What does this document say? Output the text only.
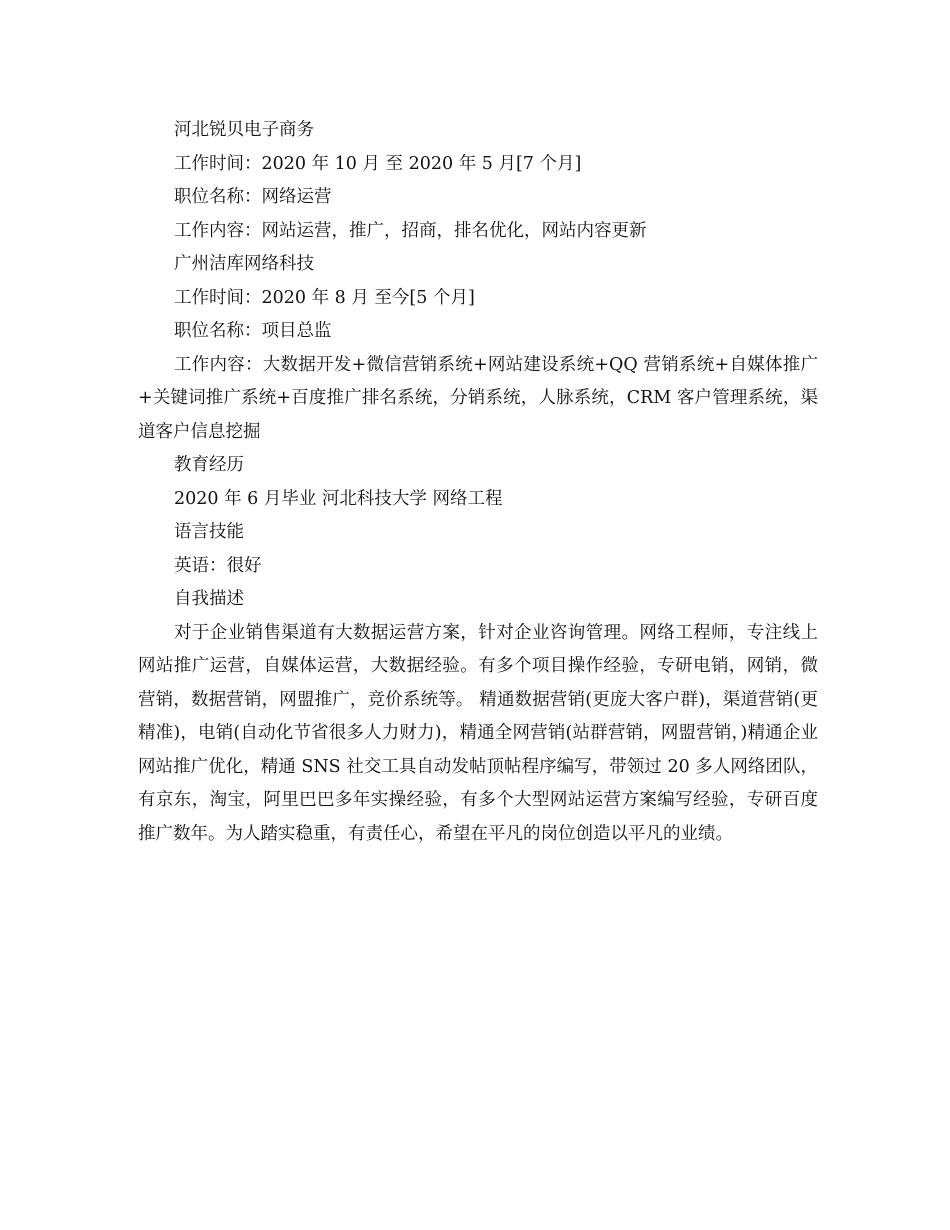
河北锐贝电子商务
工作时间：2020 年 10 月 至 2020 年 5 月[7 个月]
职位名称：网络运营
工作内容：网站运营，推广，招商，排名优化，网站内容更新
广州洁库网络科技
工作时间：2020 年 8 月 至今[5 个月]
职位名称：项目总监

工作内容：大数据开发+微信营销系统+网站建设系统+QQ 营销系统+自媒体推广+关键词推广系统+百度推广排名系统，分销系统，人脉系统，CRM 客户管理系统，渠道客户信息挖掘

教育经历
2020 年 6 月毕业 河北科技大学 网络工程
语言技能
英语：很好
自我描述

对于企业销售渠道有大数据运营方案，针对企业咨询管理。网络工程师，专注线上网站推广运营，自媒体运营，大数据经验。有多个项目操作经验，专研电销，网销，微营销，数据营销，网盟推广，竞价系统等。 精通数据营销(更庞大客户群)，渠道营销(更精准)，电销(自动化节省很多人力财力)，精通全网营销(站群营销，网盟营销，)精通企业网站推广优化，精通 SNS 社交工具自动发帖顶帖程序编写，带领过 20 多人网络团队，有京东，淘宝，阿里巴巴多年实操经验，有多个大型网站运营方案编写经验，专研百度推广数年。为人踏实稳重，有责任心，希望在平凡的岗位创造以平凡的业绩。
